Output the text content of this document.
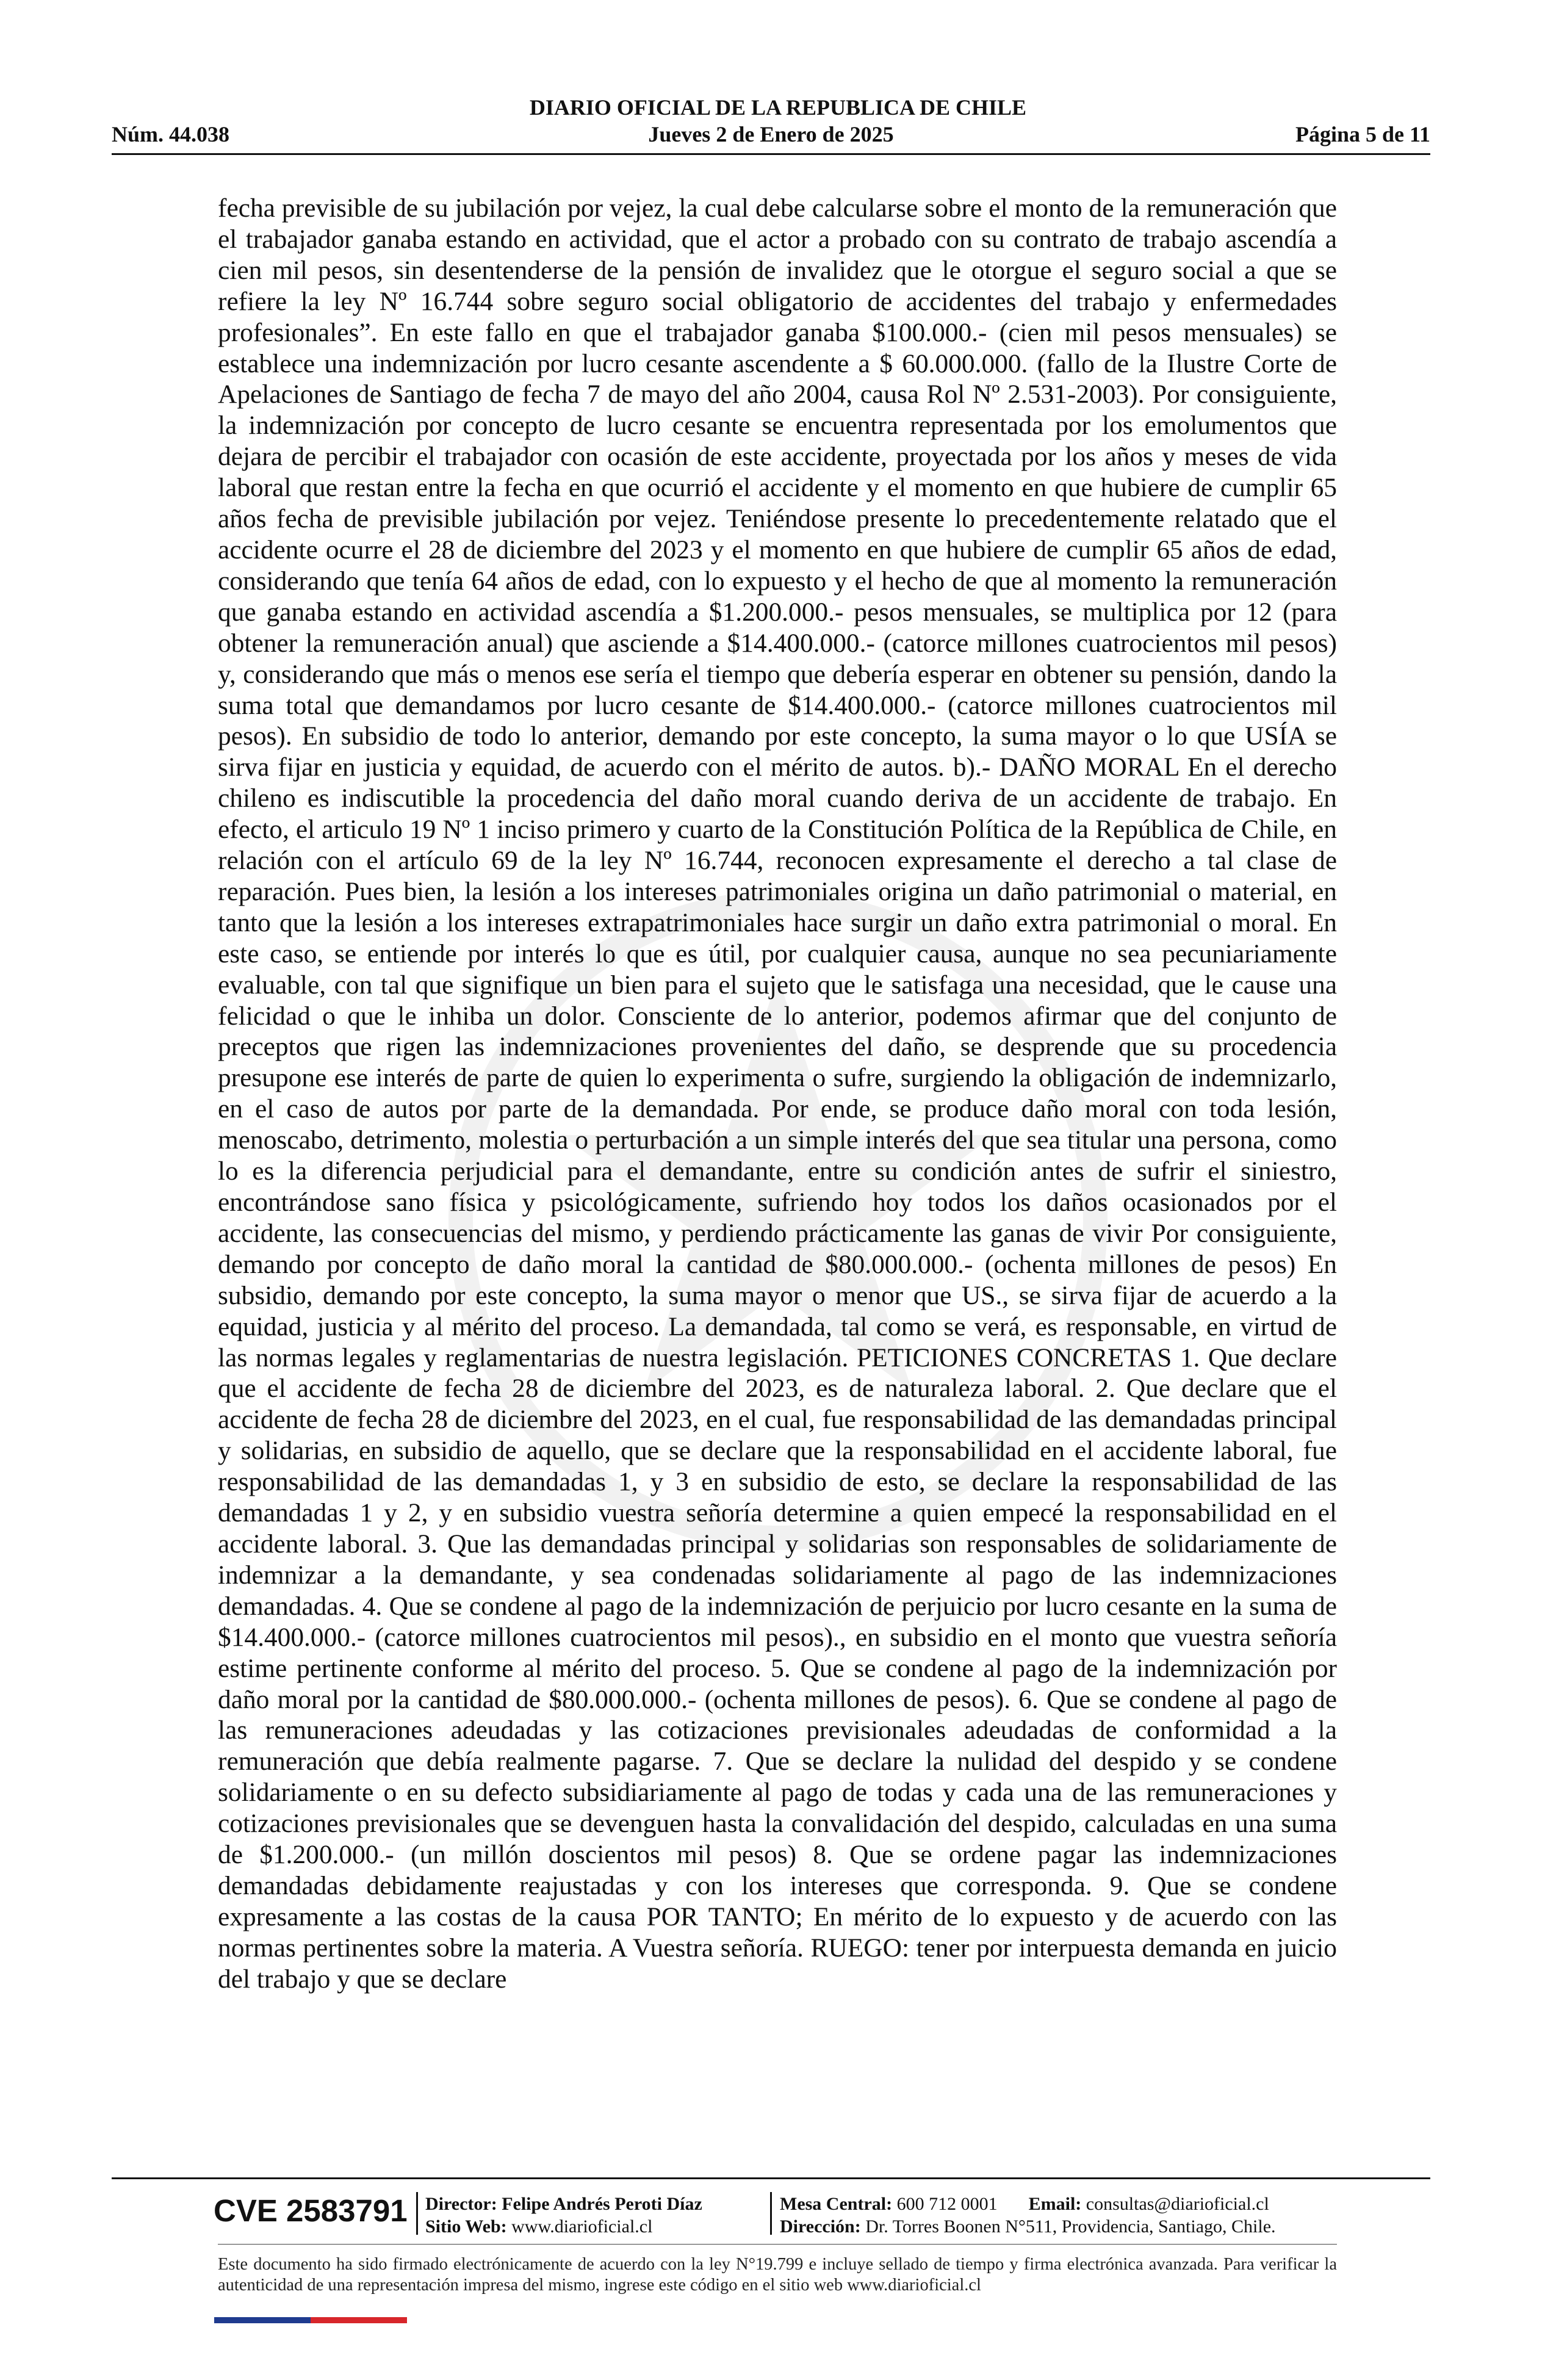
DIARIO OFICIAL DE LA REPUBLICA DE CHILE
Núm. 44.038	Jueves 2 de Enero de 2025	Página 5 de 11

fecha previsible de su jubilación por vejez, la cual debe calcularse sobre el monto de la remuneración que el trabajador ganaba estando en actividad, que el actor a probado con su contrato de trabajo ascendía a cien mil pesos, sin desentenderse de la pensión de invalidez que le otorgue el seguro social a que se refiere la ley Nº 16.744 sobre seguro social obligatorio de accidentes del trabajo y enfermedades profesionales”. En este fallo en que el trabajador ganaba $100.000.- (cien mil pesos mensuales) se establece una indemnización por lucro cesante ascendente a $ 60.000.000. (fallo de la Ilustre Corte de Apelaciones de Santiago de fecha 7 de mayo del año 2004, causa Rol Nº 2.531-2003). Por consiguiente, la indemnización por concepto de lucro cesante se encuentra representada por los emolumentos que dejara de percibir el trabajador con ocasión de este accidente, proyectada por los años y meses de vida laboral que restan entre la fecha en que ocurrió el accidente y el momento en que hubiere de cumplir 65 años fecha de previsible jubilación por vejez. Teniéndose presente lo precedentemente relatado que el accidente ocurre el 28 de diciembre del 2023 y el momento en que hubiere de cumplir 65 años de edad, considerando que tenía 64 años de edad, con lo expuesto y el hecho de que al momento la remuneración que ganaba estando en actividad ascendía a $1.200.000.- pesos mensuales, se multiplica por 12 (para obtener la remuneración anual) que asciende a $14.400.000.- (catorce millones cuatrocientos mil pesos) y, considerando que más o menos ese sería el tiempo que debería esperar en obtener su pensión, dando la suma total que demandamos por lucro cesante de $14.400.000.- (catorce millones cuatrocientos mil pesos). En subsidio de todo lo anterior, demando por este concepto, la suma mayor o lo que USÍA se sirva fijar en justicia y equidad, de acuerdo con el mérito de autos. b).- DAÑO MORAL En el derecho chileno es indiscutible la procedencia del daño moral cuando deriva de un accidente de trabajo. En efecto, el articulo 19 Nº 1 inciso primero y cuarto de la Constitución Política de la República de Chile, en relación con el artículo 69 de la ley Nº 16.744, reconocen expresamente el derecho a tal clase de reparación. Pues bien, la lesión a los intereses patrimoniales origina un daño patrimonial o material, en tanto que la lesión a los intereses extrapatrimoniales hace surgir un daño extra patrimonial o moral. En este caso, se entiende por interés lo que es útil, por cualquier causa, aunque no sea pecuniariamente evaluable, con tal que signifique un bien para el sujeto que le satisfaga una necesidad, que le cause una felicidad o que le inhiba un dolor. Consciente de lo anterior, podemos afirmar que del conjunto de preceptos que rigen las indemnizaciones provenientes del daño, se desprende que su procedencia presupone ese interés de parte de quien lo experimenta o sufre, surgiendo la obligación de indemnizarlo, en el caso de autos por parte de la demandada. Por ende, se produce daño moral con toda lesión, menoscabo, detrimento, molestia o perturbación a un simple interés del que sea titular una persona, como lo es la diferencia perjudicial para el demandante, entre su condición antes de sufrir el siniestro, encontrándose sano física y psicológicamente, sufriendo hoy todos los daños ocasionados por el accidente, las consecuencias del mismo, y perdiendo prácticamente las ganas de vivir Por consiguiente, demando por concepto de daño moral la cantidad de $80.000.000.- (ochenta millones de pesos) En subsidio, demando por este concepto, la suma mayor o menor que US., se sirva fijar de acuerdo a la equidad, justicia y al mérito del proceso. La demandada, tal como se verá, es responsable, en virtud de las normas legales y reglamentarias de nuestra legislación. PETICIONES CONCRETAS 1. Que declare que el accidente de fecha 28 de diciembre del 2023, es de naturaleza laboral. 2. Que declare que el accidente de fecha 28 de diciembre del 2023, en el cual, fue responsabilidad de las demandadas principal y solidarias, en subsidio de aquello, que se declare que la responsabilidad en el accidente laboral, fue responsabilidad de las demandadas 1, y 3 en subsidio de esto, se declare la responsabilidad de las demandadas 1 y 2, y en subsidio vuestra señoría determine a quien empecé la responsabilidad en el accidente laboral. 3. Que las demandadas principal y solidarias son responsables de solidariamente de indemnizar a la demandante, y sea condenadas solidariamente al pago de las indemnizaciones demandadas. 4. Que se condene al pago de la indemnización de perjuicio por lucro cesante en la suma de $14.400.000.- (catorce millones cuatrocientos mil pesos)., en subsidio en el monto que vuestra señoría estime pertinente conforme al mérito del proceso. 5. Que se condene al pago de la indemnización por daño moral por la cantidad de $80.000.000.- (ochenta millones de pesos). 6. Que se condene al pago de las remuneraciones adeudadas y las cotizaciones previsionales adeudadas de conformidad a la remuneración que debía realmente pagarse. 7. Que se declare la nulidad del despido y se condene solidariamente o en su defecto subsidiariamente al pago de todas y cada una de las remuneraciones y cotizaciones previsionales que se devenguen hasta la convalidación del despido, calculadas en una suma de $1.200.000.- (un millón doscientos mil pesos) 8. Que se ordene pagar las indemnizaciones demandadas debidamente reajustadas y con los intereses que corresponda. 9. Que se condene expresamente a las costas de la causa POR TANTO; En mérito de lo expuesto y de acuerdo con las normas pertinentes sobre la materia. A Vuestra señoría. RUEGO: tener por interpuesta demanda en juicio del trabajo y que se declare

CVE 2583791 Director: Felipe Andrés Peroti Díaz
Sitio Web: www.diarioficial.cl
Mesa Central: 600 712 0001 Email: consultas@diarioficial.cl
Dirección: Dr. Torres Boonen N°511, Providencia, Santiago, Chile.

Este documento ha sido firmado electrónicamente de acuerdo con la ley N°19.799 e incluye sellado de tiempo y firma electrónica avanzada. Para verificar la autenticidad de una representación impresa del mismo, ingrese este código en el sitio web www.diarioficial.cl
